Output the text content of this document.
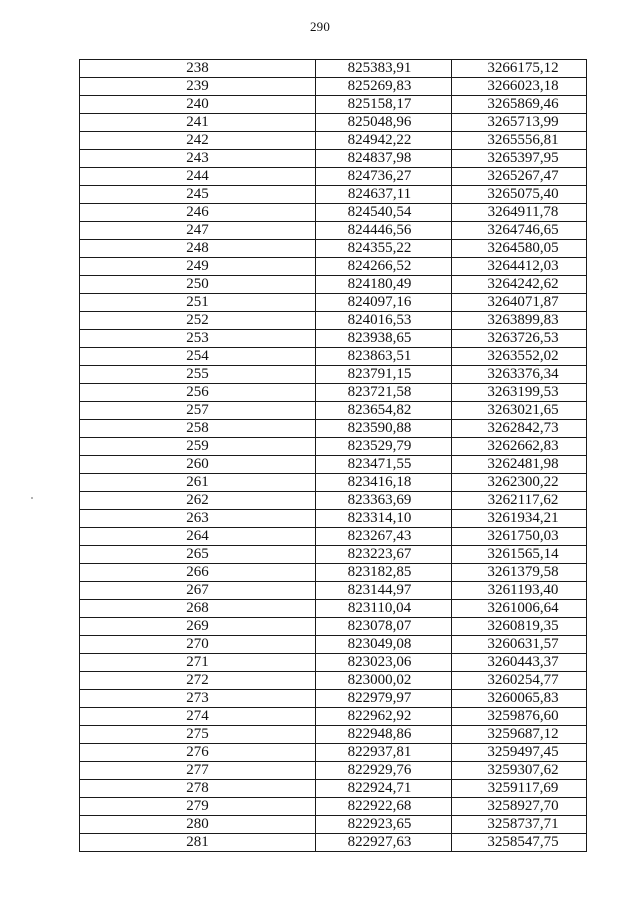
290
238	825383,91	3266175,12
239	825269,83	3266023,18
240	825158,17	3265869,46
241	825048,96	3265713,99
242	824942,22	3265556,81
243	824837,98	3265397,95
244	824736,27	3265267,47
245	824637,11	3265075,40
246	824540,54	3264911,78
247	824446,56	3264746,65
248	824355,22	3264580,05
249	824266,52	3264412,03
250	824180,49	3264242,62
251	824097,16	3264071,87
252	824016,53	3263899,83
253	823938,65	3263726,53
254	823863,51	3263552,02
255	823791,15	3263376,34
256	823721,58	3263199,53
257	823654,82	3263021,65
258	823590,88	3262842,73
259	823529,79	3262662,83
260	823471,55	3262481,98
261	823416,18	3262300,22
262	823363,69	3262117,62
263	823314,10	3261934,21
264	823267,43	3261750,03
265	823223,67	3261565,14
266	823182,85	3261379,58
267	823144,97	3261193,40
268	823110,04	3261006,64
269	823078,07	3260819,35
270	823049,08	3260631,57
271	823023,06	3260443,37
272	823000,02	3260254,77
273	822979,97	3260065,83
274	822962,92	3259876,60
275	822948,86	3259687,12
276	822937,81	3259497,45
277	822929,76	3259307,62
278	822924,71	3259117,69
279	822922,68	3258927,70
280	822923,65	3258737,71
281	822927,63	3258547,75
